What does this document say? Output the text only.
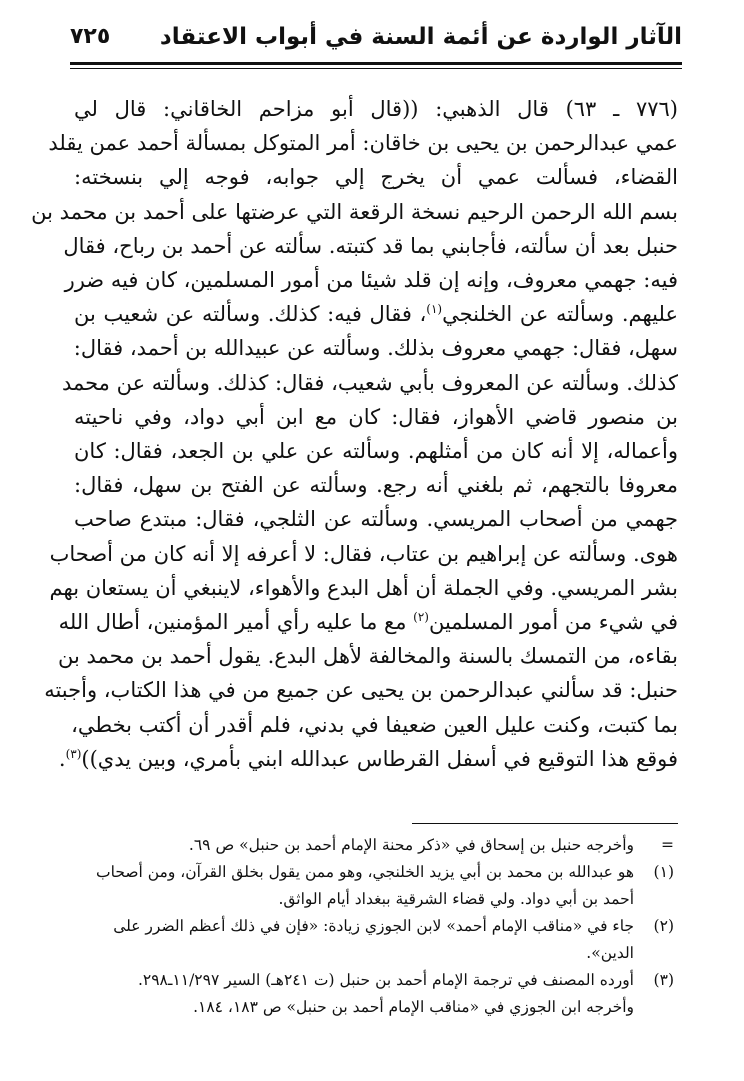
الآثار الواردة عن أئمة السنة في أبواب الاعتقاد
٧٢٥
(٧٧٦ ـ ٦٣) قال الذهبي: ((قال أبو مزاحم الخاقاني: قال لي
عمي عبدالرحمن بن يحيى بن خاقان: أمر المتوكل بمسألة أحمد عمن يقلد
القضاء، فسألت عمي أن يخرج إلي جوابه، فوجه إلي بنسخته:
بسم الله الرحمن الرحيم نسخة الرقعة التي عرضتها على أحمد بن محمد بن
حنبل بعد أن سألته، فأجابني بما قد كتبته. سألته عن أحمد بن رباح، فقال
فيه: جهمي معروف، وإنه إن قلد شيئا من أمور المسلمين، كان فيه ضرر
عليهم. وسألته عن الخلنجي$^{(١)}$، فقال فيه: كذلك. وسألته عن شعيب بن
سهل، فقال: جهمي معروف بذلك. وسألته عن عبيدالله بن أحمد، فقال:
كذلك. وسألته عن المعروف بأبي شعيب، فقال: كذلك. وسألته عن محمد
بن منصور قاضي الأهواز، فقال: كان مع ابن أبي دواد، وفي ناحيته
وأعماله، إلا أنه كان من أمثلهم. وسألته عن علي بن الجعد، فقال: كان
معروفا بالتجهم، ثم بلغني أنه رجع. وسألته عن الفتح بن سهل، فقال:
جهمي من أصحاب المريسي. وسألته عن الثلجي، فقال: مبتدع صاحب
هوى. وسألته عن إبراهيم بن عتاب، فقال: لا أعرفه إلا أنه كان من أصحاب
بشر المريسي. وفي الجملة أن أهل البدع والأهواء، لاينبغي أن يستعان بهم
في شيء من أمور المسلمين$^{(٢)}$ مع ما عليه رأي أمير المؤمنين، أطال الله
بقاءه، من التمسك بالسنة والمخالفة لأهل البدع. يقول أحمد بن محمد بن
حنبل: قد سألني عبدالرحمن بن يحيى عن جميع من في هذا الكتاب، وأجبته
بما كتبت، وكنت عليل العين ضعيفا في بدني، فلم أقدر أن أكتب بخطي،
فوقع هذا التوقيع في أسفل القرطاس عبدالله ابني بأمري، وبين يدي))$^{(٣)}$.
=
وأخرجه حنبل بن إسحاق في «ذكر محنة الإمام أحمد بن حنبل» ص ٦٩.
(١)
هو عبدالله بن محمد بن أبي يزيد الخلنجي، وهو ممن يقول بخلق القرآن، ومن أصحاب
أحمد بن أبي دواد. ولي قضاء الشرقية ببغداد أيام الواثق.
(٢)
جاء في «مناقب الإمام أحمد» لابن الجوزي زيادة: «فإن في ذلك أعظم الضرر على
الدين».
(٣)
أورده المصنف في ترجمة الإمام أحمد بن حنبل (ت ٢٤١هـ) السير ١١/٢٩٧ـ٢٩٨.
وأخرجه ابن الجوزي في «مناقب الإمام أحمد بن حنبل» ص ١٨٣، ١٨٤.
